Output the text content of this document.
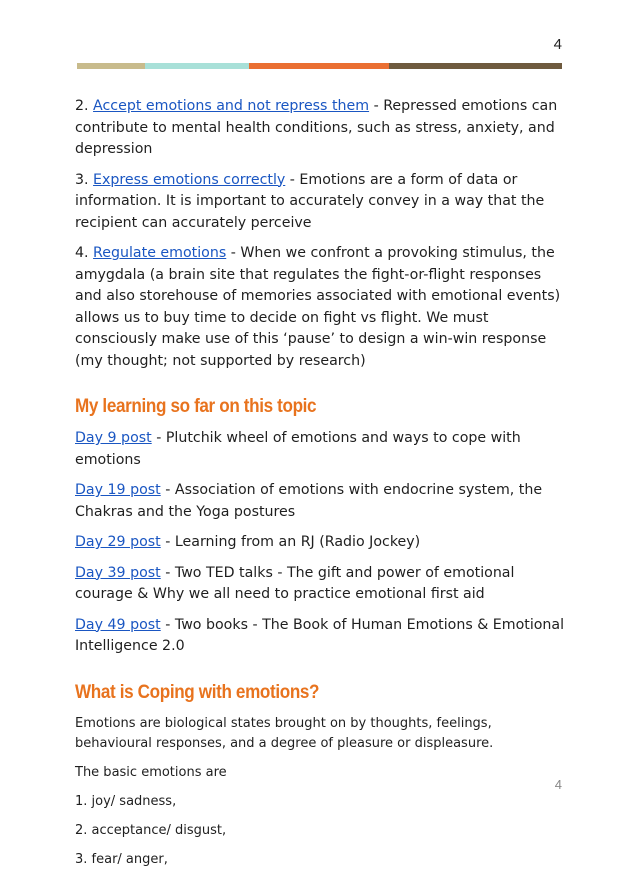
4

2. Accept emotions and not repress them - Repressed emotions can contribute to mental health conditions, such as stress, anxiety, and depression

3. Express emotions correctly - Emotions are a form of data or information. It is important to accurately convey in a way that the recipient can accurately perceive

4. Regulate emotions - When we confront a provoking stimulus, the amygdala (a brain site that regulates the fight-or-flight responses and also storehouse of memories associated with emotional events) allows us to buy time to decide on fight vs flight. We must consciously make use of this ‘pause’ to design a win-win response (my thought; not supported by research)

My learning so far on this topic

Day 9 post - Plutchik wheel of emotions and ways to cope with emotions

Day 19 post - Association of emotions with endocrine system, the Chakras and the Yoga postures

Day 29 post - Learning from an RJ (Radio Jockey)

Day 39 post - Two TED talks - The gift and power of emotional courage & Why we all need to practice emotional first aid

Day 49 post - Two books - The Book of Human Emotions & Emotional Intelligence 2.0

What is Coping with emotions?

Emotions are biological states brought on by thoughts, feelings, behavioural responses, and a degree of pleasure or displeasure.

The basic emotions are

1. joy/ sadness,

2. acceptance/ disgust,

3. fear/ anger,

4
